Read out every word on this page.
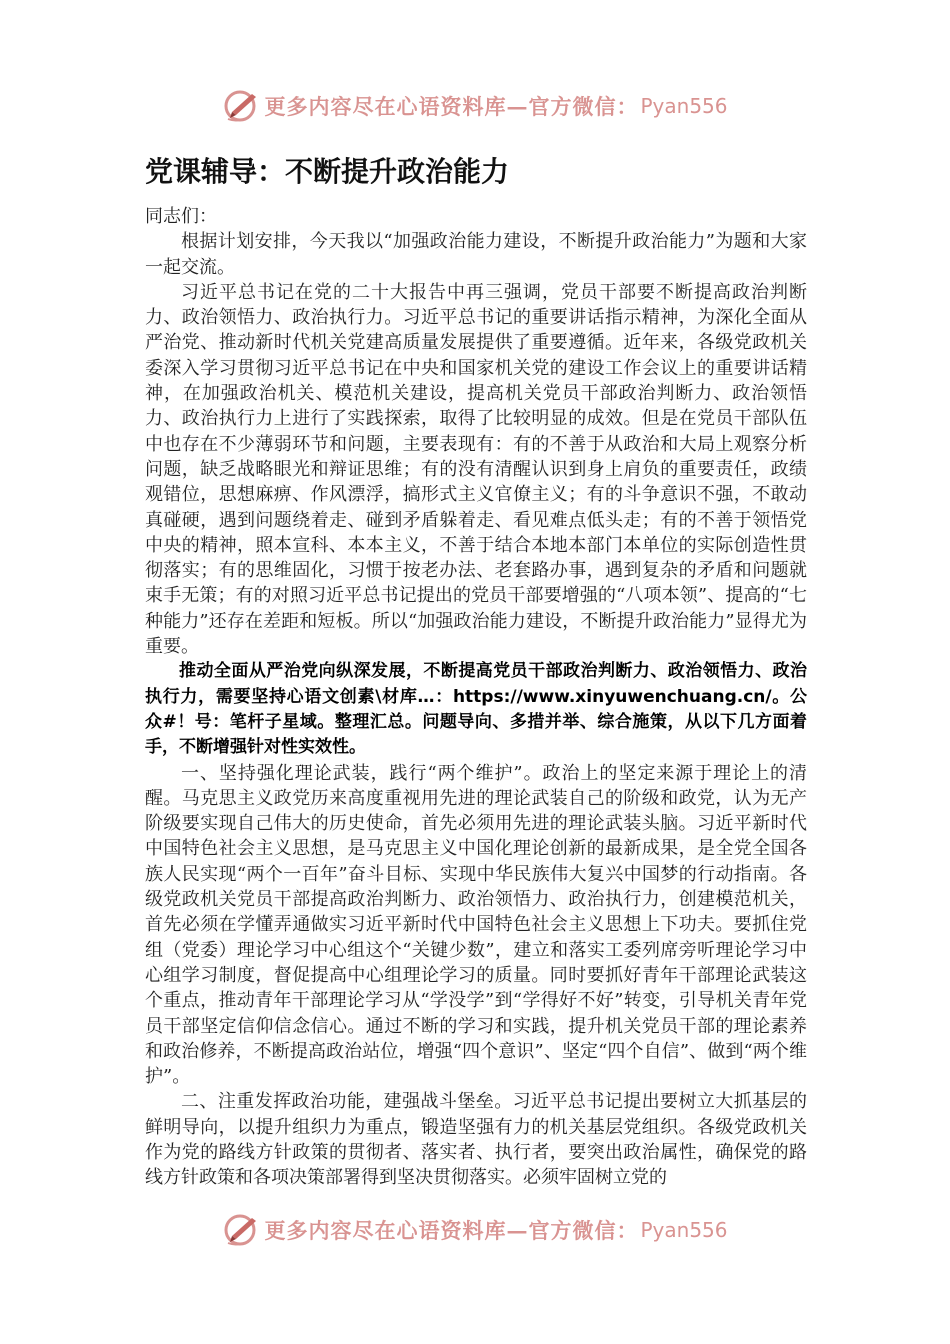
更多内容尽在心语资料库—官方微信： Pyan556
党课辅导：不断提升政治能力

同志们：

根据计划安排，今天我以“加强政治能力建设，不断提升政治能力”为题和大家一起交流。

习近平总书记在党的二十大报告中再三强调，党员干部要不断提高政治判断力、政治领悟力、政治执行力。习近平总书记的重要讲话指示精神，为深化全面从严治党、推动新时代机关党建高质量发展提供了重要遵循。近年来，各级党政机关委深入学习贯彻习近平总书记在中央和国家机关党的建设工作会议上的重要讲话精神，在加强政治机关、模范机关建设，提高机关党员干部政治判断力、政治领悟力、政治执行力上进行了实践探索，取得了比较明显的成效。但是在党员干部队伍中也存在不少薄弱环节和问题，主要表现有：有的不善于从政治和大局上观察分析问题，缺乏战略眼光和辩证思维；有的没有清醒认识到身上肩负的重要责任，政绩观错位，思想麻痹、作风漂浮，搞形式主义官僚主义；有的斗争意识不强，不敢动真碰硬，遇到问题绕着走、碰到矛盾躲着走、看见难点低头走；有的不善于领悟党中央的精神，照本宣科、本本主义，不善于结合本地本部门本单位的实际创造性贯彻落实；有的思维固化，习惯于按老办法、老套路办事，遇到复杂的矛盾和问题就束手无策；有的对照习近平总书记提出的党员干部要增强的“八项本领”、提高的“七种能力”还存在差距和短板。所以“加强政治能力建设，不断提升政治能力”显得尤为重要。

推动全面从严治党向纵深发展，不断提高党员干部政治判断力、政治领悟力、政治执行力，需要坚持心语文创素\材库…：https://www.xinyuwenchuang.cn/。公众#！号：笔杆子星域。整理汇总。问题导向、多措并举、综合施策，从以下几方面着手，不断增强针对性实效性。

一、坚持强化理论武装，践行“两个维护”。政治上的坚定来源于理论上的清醒。马克思主义政党历来高度重视用先进的理论武装自己的阶级和政党，认为无产阶级要实现自己伟大的历史使命，首先必须用先进的理论武装头脑。习近平新时代中国特色社会主义思想，是马克思主义中国化理论创新的最新成果，是全党全国各族人民实现“两个一百年”奋斗目标、实现中华民族伟大复兴中国梦的行动指南。各级党政机关党员干部提高政治判断力、政治领悟力、政治执行力，创建模范机关，首先必须在学懂弄通做实习近平新时代中国特色社会主义思想上下功夫。要抓住党组（党委）理论学习中心组这个“关键少数”，建立和落实工委列席旁听理论学习中心组学习制度，督促提高中心组理论学习的质量。同时要抓好青年干部理论武装这个重点，推动青年干部理论学习从“学没学”到“学得好不好”转变，引导机关青年党员干部坚定信仰信念信心。通过不断的学习和实践，提升机关党员干部的理论素养和政治修养，不断提高政治站位，增强“四个意识”、坚定“四个自信”、做到“两个维护”。

二、注重发挥政治功能，建强战斗堡垒。习近平总书记提出要树立大抓基层的鲜明导向，以提升组织力为重点，锻造坚强有力的机关基层党组织。各级党政机关作为党的路线方针政策的贯彻者、落实者、执行者，要突出政治属性，确保党的路线方针政策和各项决策部署得到坚决贯彻落实。必须牢固树立党的

更多内容尽在心语资料库—官方微信： Pyan556
